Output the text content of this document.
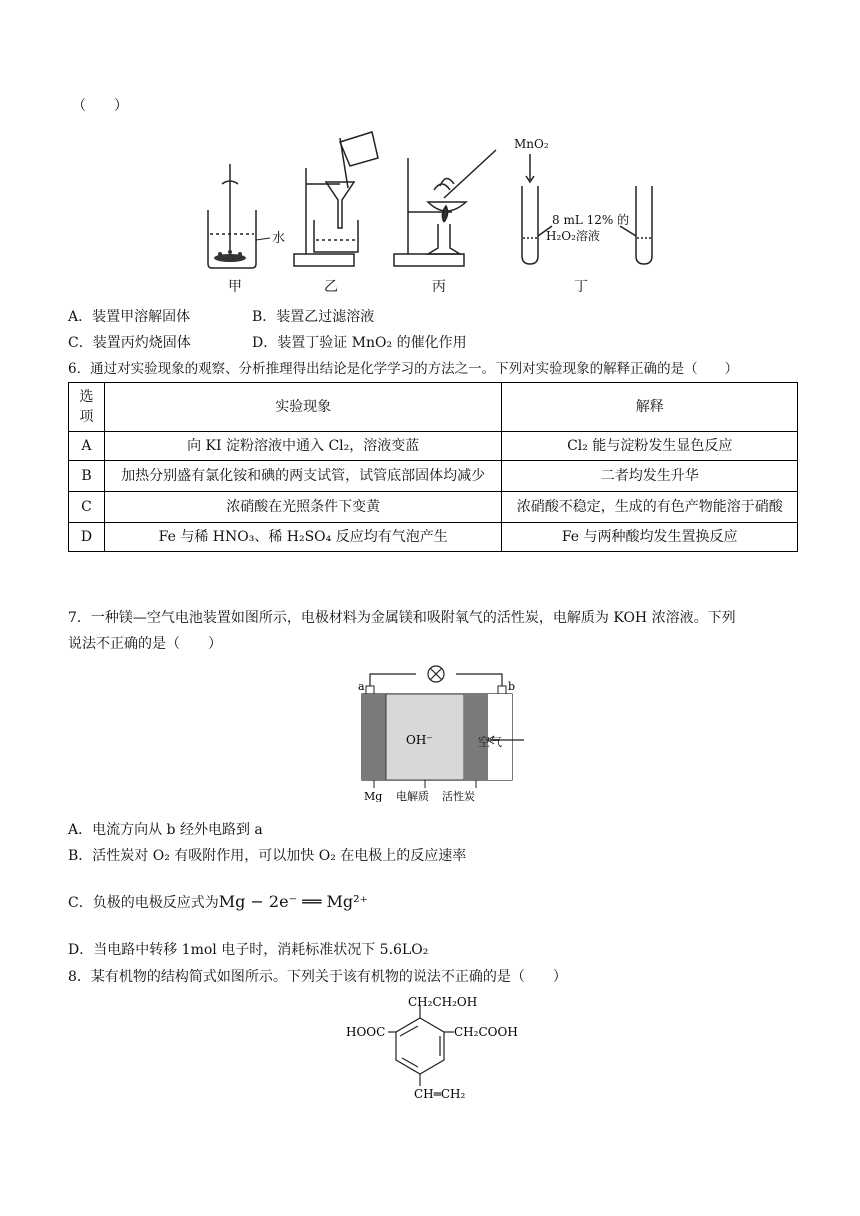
（　　）
水
MnO₂
8 mL 12% 的
H₂O₂溶液
甲	乙	丙	丁
A．装置甲溶解固体	B．装置乙过滤溶液
C．装置丙灼烧固体	D．装置丁验证 MnO₂ 的催化作用
6．通过对实验现象的观察、分析推理得出结论是化学学习的方法之一。下列对实验现象的解释正确的是（　　）
选项	实验现象	解释
A	向 KI 淀粉溶液中通入 Cl₂，溶液变蓝	Cl₂ 能与淀粉发生显色反应
B	加热分别盛有氯化铵和碘的两支试管，试管底部固体均减少	二者均发生升华
C	浓硝酸在光照条件下变黄	浓硝酸不稳定，生成的有色产物能溶于硝酸
D	Fe 与稀 HNO₃、稀 H₂SO₄ 反应均有气泡产生	Fe 与两种酸均发生置换反应
7．一种镁—空气电池装置如图所示，电极材料为金属镁和吸附氧气的活性炭，电解质为 KOH 浓溶液。下列
说法不正确的是（　　）
a	b
OH⁻
Mg 电解质 活性炭
空气
A．电流方向从 b 经外电路到 a
B．活性炭对 O₂ 有吸附作用，可以加快 O₂ 在电极上的反应速率
C．负极的电极反应式为Mg − 2e⁻ ══ Mg²⁺
D．当电路中转移 1mol 电子时，消耗标准状况下 5.6LO₂
8．某有机物的结构简式如图所示。下列关于该有机物的说法不正确的是（　　）
CH₂CH₂OH
HOOC	CH₂COOH
CH═CH₂
